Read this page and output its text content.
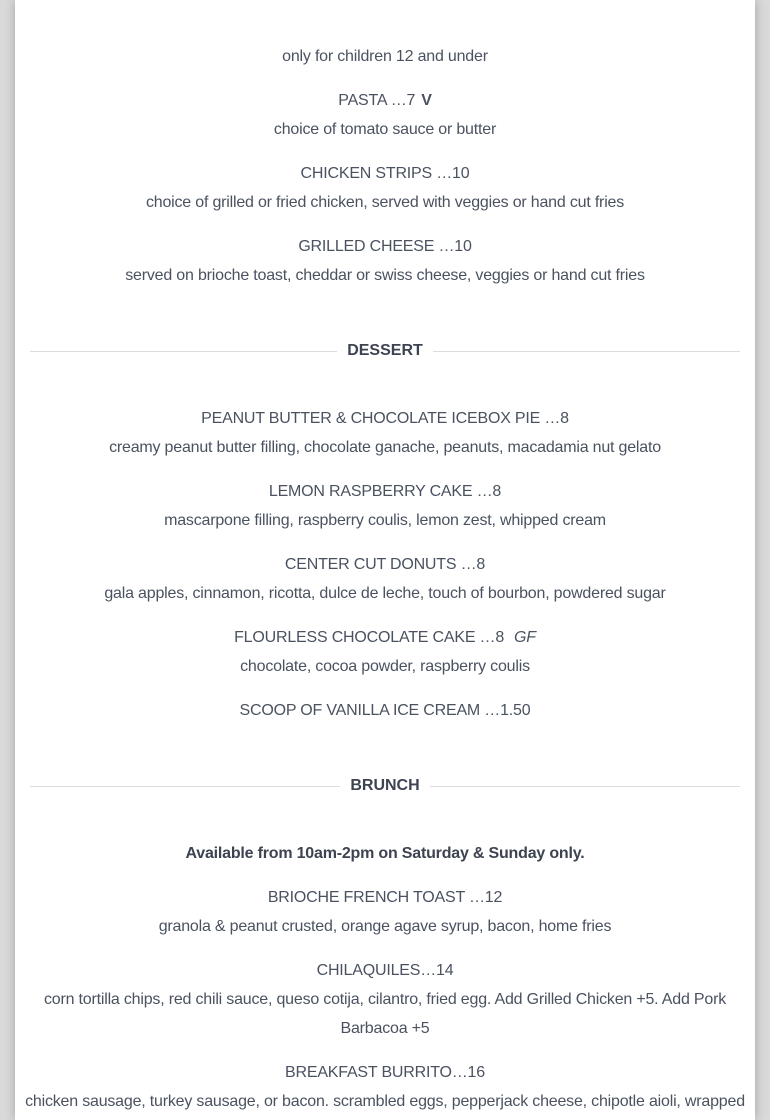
only for children 12 and under
PASTA …7 V
choice of tomato sauce or butter
CHICKEN STRIPS …10
choice of grilled or fried chicken, served with veggies or hand cut fries
GRILLED CHEESE …10
served on brioche toast, cheddar or swiss cheese, veggies or hand cut fries
DESSERT
PEANUT BUTTER & CHOCOLATE ICEBOX PIE …8
creamy peanut butter filling, chocolate ganache, peanuts, macadamia nut gelato
LEMON RASPBERRY CAKE …8
mascarpone filling, raspberry coulis, lemon zest, whipped cream
CENTER CUT DONUTS …8
gala apples, cinnamon, ricotta, dulce de leche, touch of bourbon, powdered sugar
FLOURLESS CHOCOLATE CAKE …8 GF
chocolate, cocoa powder, raspberry coulis
SCOOP OF VANILLA ICE CREAM …1.50
BRUNCH
Available from 10am-2pm on Saturday & Sunday only.
BRIOCHE FRENCH TOAST …12
granola & peanut crusted, orange agave syrup, bacon, home fries
CHILAQUILES…14
corn tortilla chips, red chili sauce, queso cotija, cilantro, fried egg. Add Grilled Chicken +5. Add Pork Barbacoa +5
BREAKFAST BURRITO…16
chicken sausage, turkey sausage, or bacon. scrambled eggs, pepperjack cheese, chipotle aioli, wrapped
